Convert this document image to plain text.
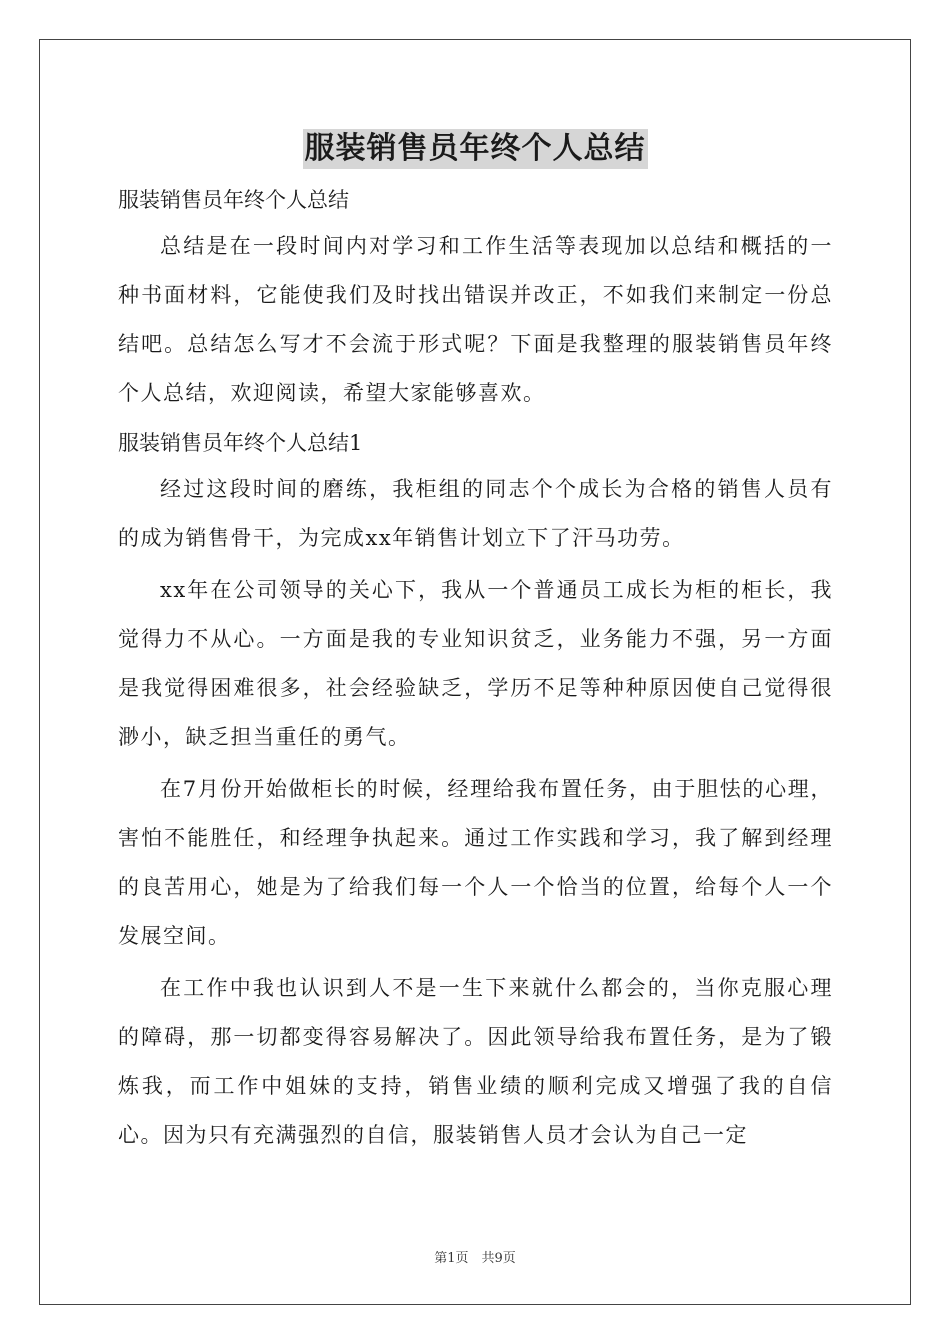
服装销售员年终个人总结

服装销售员年终个人总结

总结是在一段时间内对学习和工作生活等表现加以总结和概括的一种书面材料，它能使我们及时找出错误并改正，不如我们来制定一份总结吧。总结怎么写才不会流于形式呢？下面是我整理的服装销售员年终个人总结，欢迎阅读，希望大家能够喜欢。

服装销售员年终个人总结1

经过这段时间的磨练，我柜组的同志个个成长为合格的销售人员有的成为销售骨干，为完成xx年销售计划立下了汗马功劳。

xx年在公司领导的关心下，我从一个普通员工成长为柜的柜长，我觉得力不从心。一方面是我的专业知识贫乏，业务能力不强，另一方面是我觉得困难很多，社会经验缺乏，学历不足等种种原因使自己觉得很渺小，缺乏担当重任的勇气。

在7月份开始做柜长的时候，经理给我布置任务，由于胆怯的心理，害怕不能胜任，和经理争执起来。通过工作实践和学习，我了解到经理的良苦用心，她是为了给我们每一个人一个恰当的位置，给每个人一个发展空间。

在工作中我也认识到人不是一生下来就什么都会的，当你克服心理的障碍，那一切都变得容易解决了。因此领导给我布置任务，是为了锻炼我，而工作中姐妹的支持，销售业绩的顺利完成又增强了我的自信心。因为只有充满强烈的自信，服装销售人员才会认为自己一定

第1页　共9页
